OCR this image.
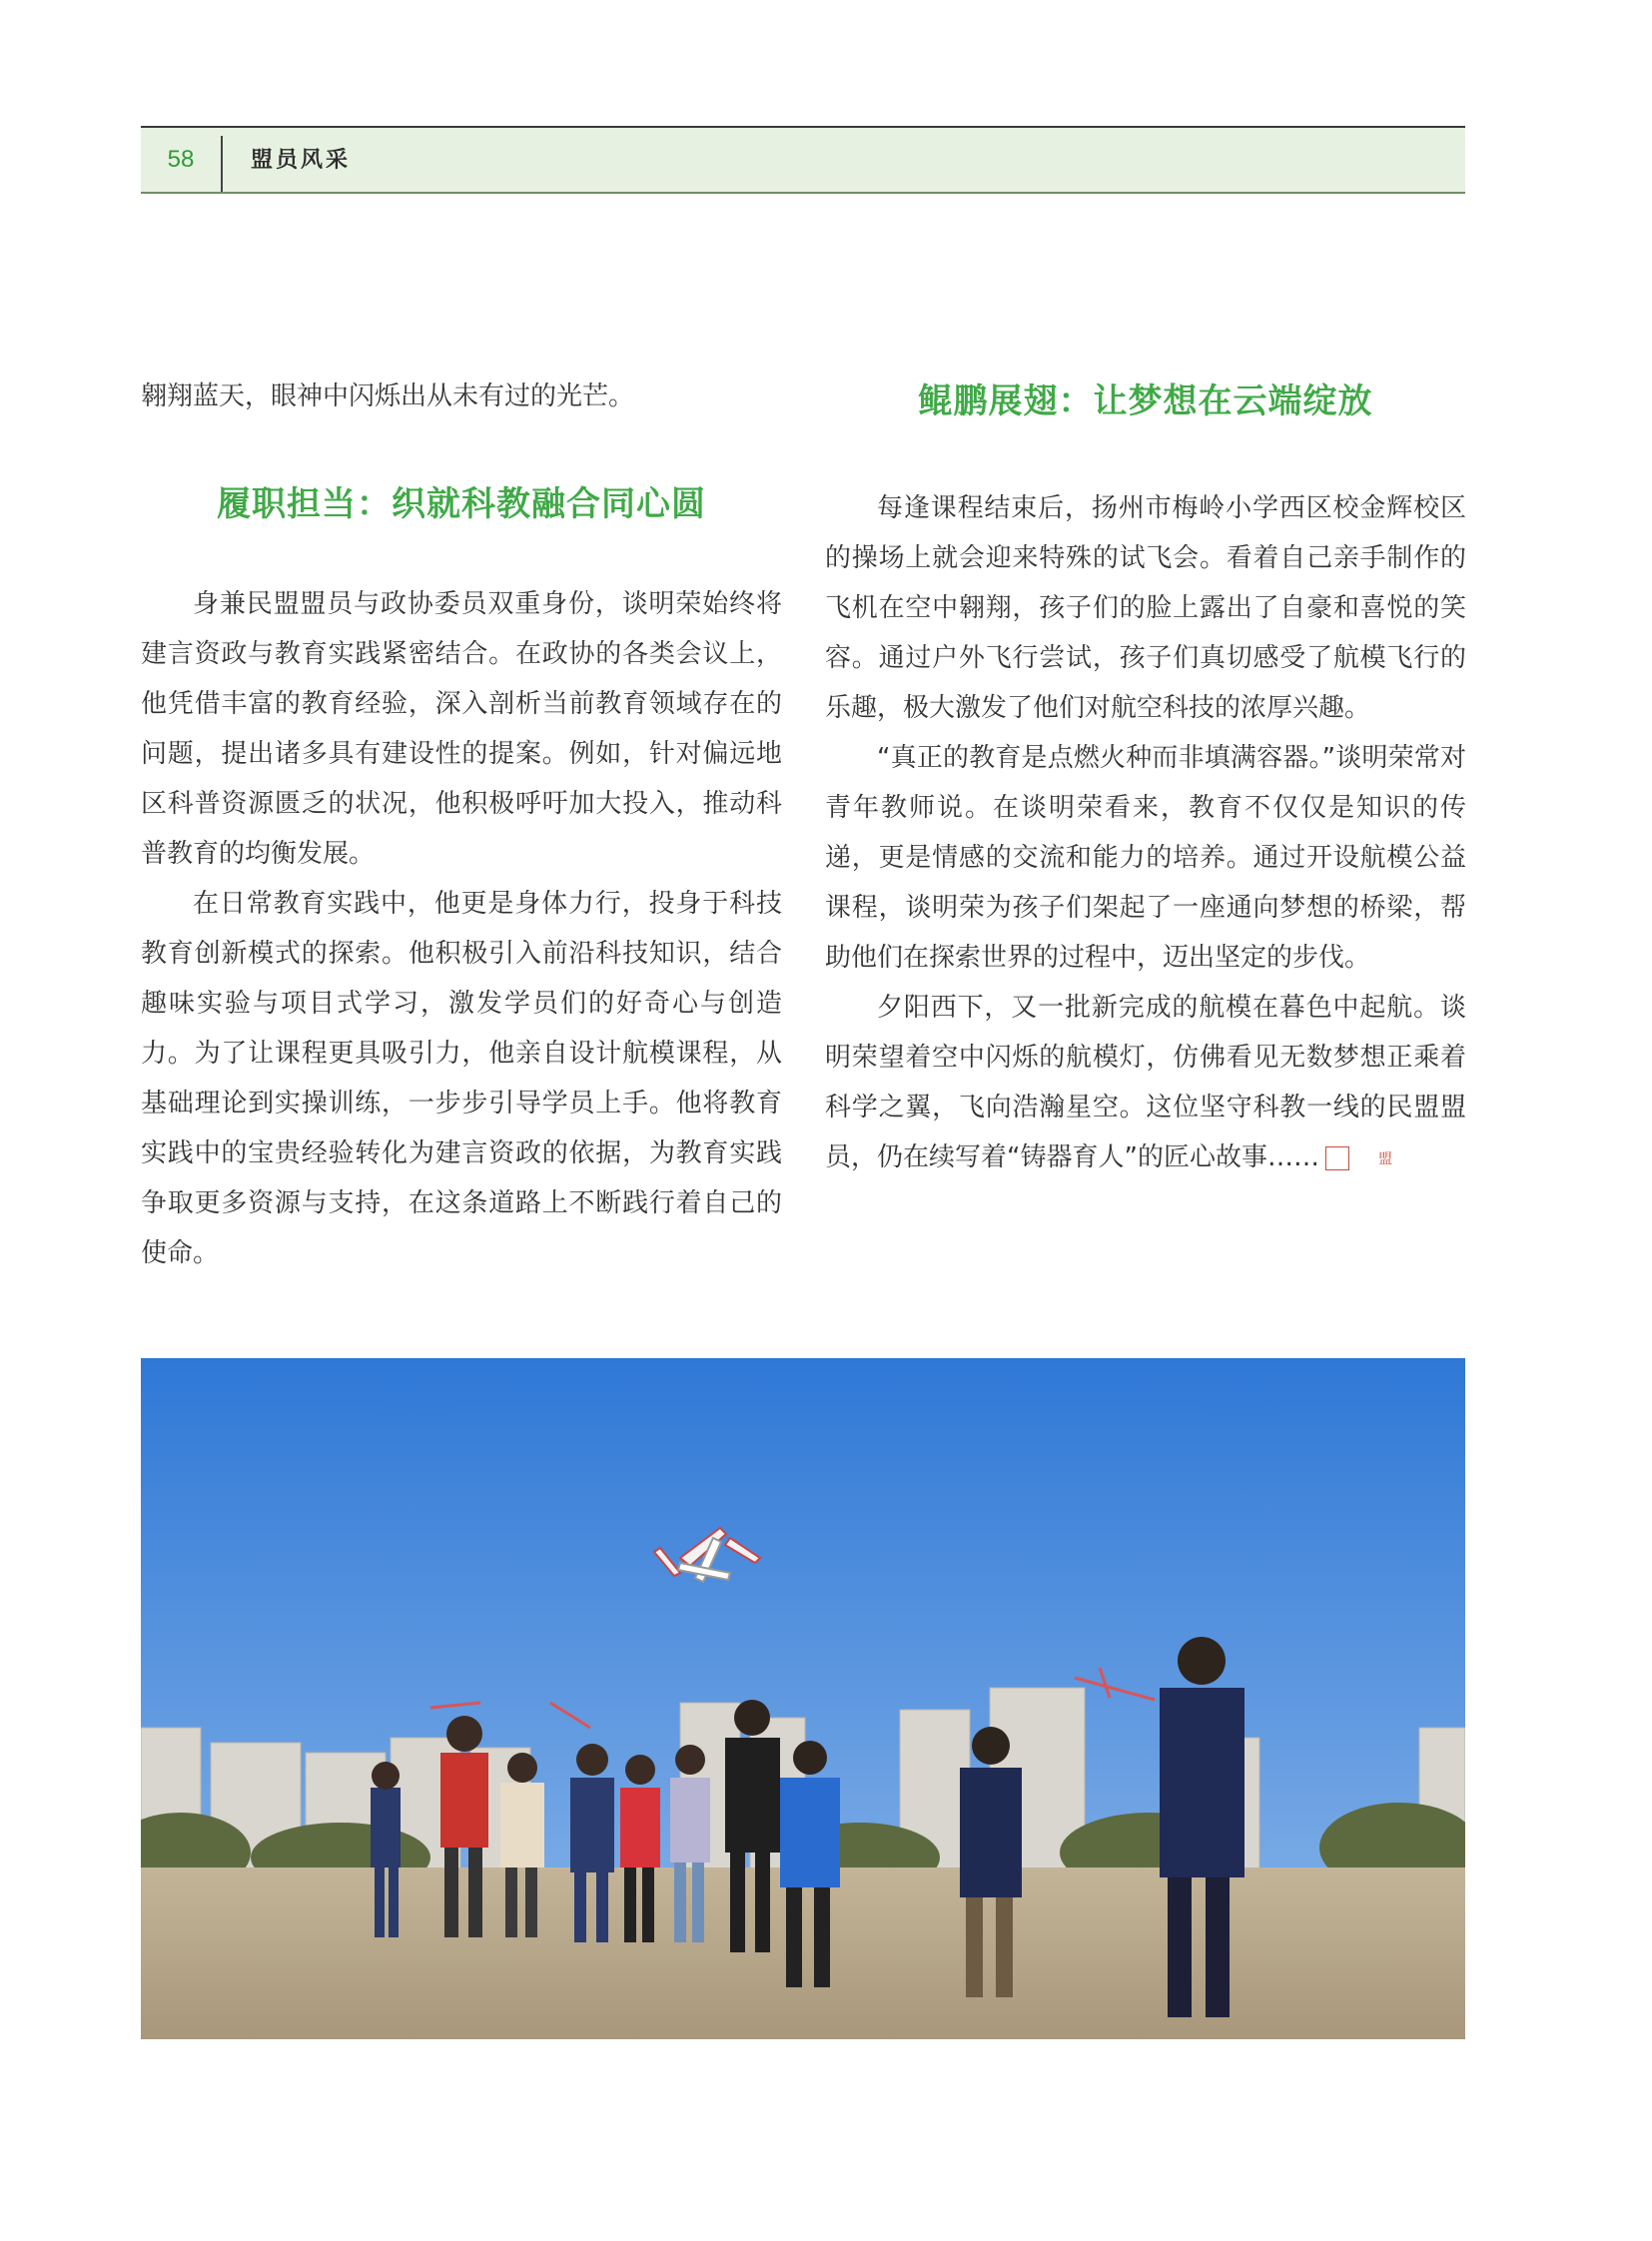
58	盟员风采

翱翔蓝天，眼神中闪烁出从未有过的光芒。

履职担当：织就科教融合同心圆

身兼民盟盟员与政协委员双重身份，谈明荣始终将建言资政与教育实践紧密结合。在政协的各类会议上，他凭借丰富的教育经验，深入剖析当前教育领域存在的问题，提出诸多具有建设性的提案。例如，针对偏远地区科普资源匮乏的状况，他积极呼吁加大投入，推动科普教育的均衡发展。

在日常教育实践中，他更是身体力行，投身于科技教育创新模式的探索。他积极引入前沿科技知识，结合趣味实验与项目式学习，激发学员们的好奇心与创造力。为了让课程更具吸引力，他亲自设计航模课程，从基础理论到实操训练，一步步引导学员上手。他将教育实践中的宝贵经验转化为建言资政的依据，为教育实践争取更多资源与支持，在这条道路上不断践行着自己的使命。

鲲鹏展翅：让梦想在云端绽放

每逢课程结束后，扬州市梅岭小学西区校金辉校区的操场上就会迎来特殊的试飞会。看着自己亲手制作的飞机在空中翱翔，孩子们的脸上露出了自豪和喜悦的笑容。通过户外飞行尝试，孩子们真切感受了航模飞行的乐趣，极大激发了他们对航空科技的浓厚兴趣。

“真正的教育是点燃火种而非填满容器。”谈明荣常对青年教师说。在谈明荣看来，教育不仅仅是知识的传递，更是情感的交流和能力的培养。通过开设航模公益课程，谈明荣为孩子们架起了一座通向梦想的桥梁，帮助他们在探索世界的过程中，迈出坚定的步伐。

夕阳西下，又一批新完成的航模在暮色中起航。谈明荣望着空中闪烁的航模灯，仿佛看见无数梦想正乘着科学之翼，飞向浩瀚星空。这位坚守科教一线的民盟盟员，仍在续写着“铸器育人”的匠心故事……	盟
